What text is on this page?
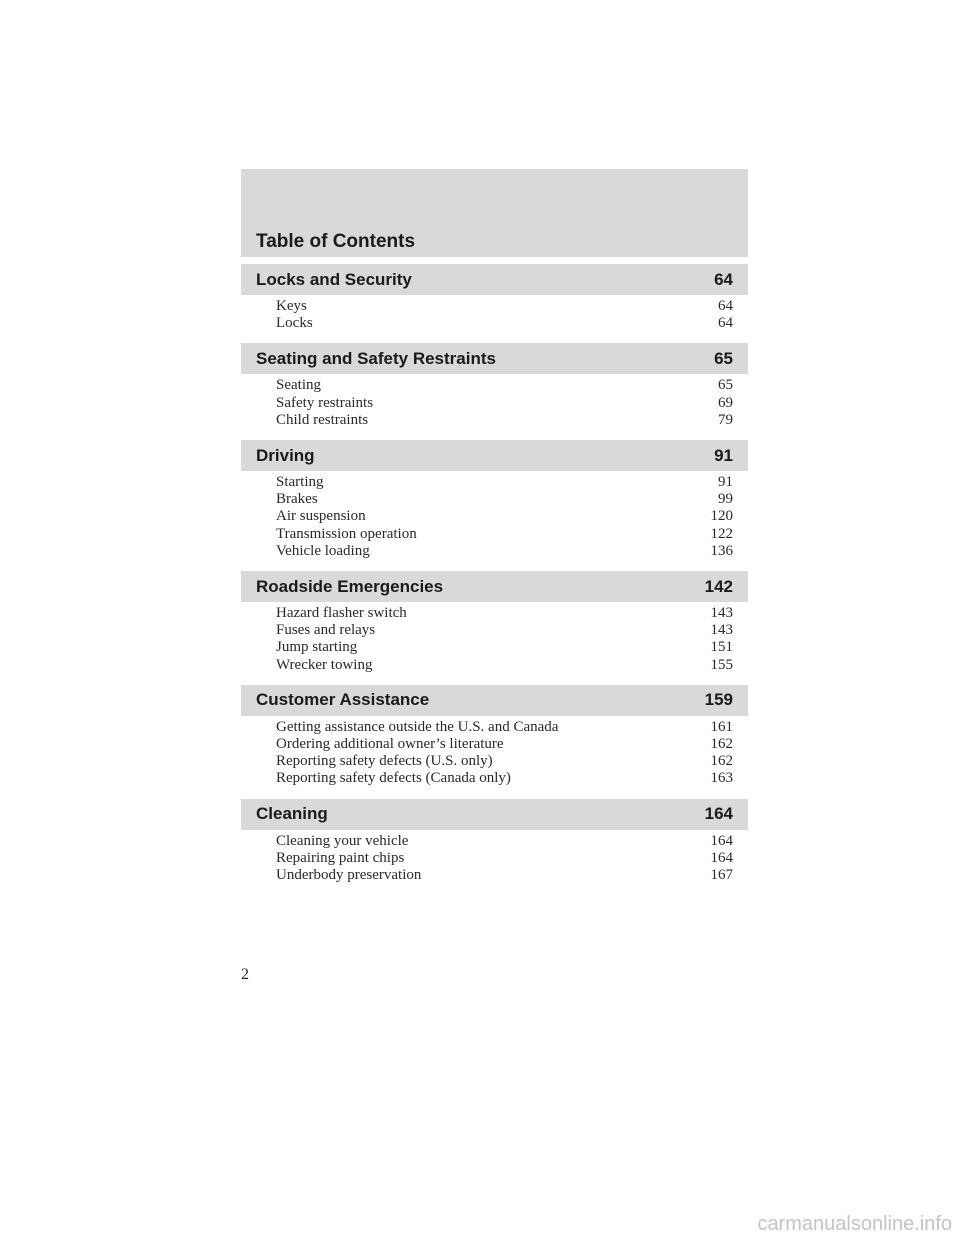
Table of Contents
Locks and Security	64
Keys	64
Locks	64
Seating and Safety Restraints	65
Seating	65
Safety restraints	69
Child restraints	79
Driving	91
Starting	91
Brakes	99
Air suspension	120
Transmission operation	122
Vehicle loading	136
Roadside Emergencies	142
Hazard flasher switch	143
Fuses and relays	143
Jump starting	151
Wrecker towing	155
Customer Assistance	159
Getting assistance outside the U.S. and Canada	161
Ordering additional owner’s literature	162
Reporting safety defects (U.S. only)	162
Reporting safety defects (Canada only)	163
Cleaning	164
Cleaning your vehicle	164
Repairing paint chips	164
Underbody preservation	167
2
carmanualsonline.info
